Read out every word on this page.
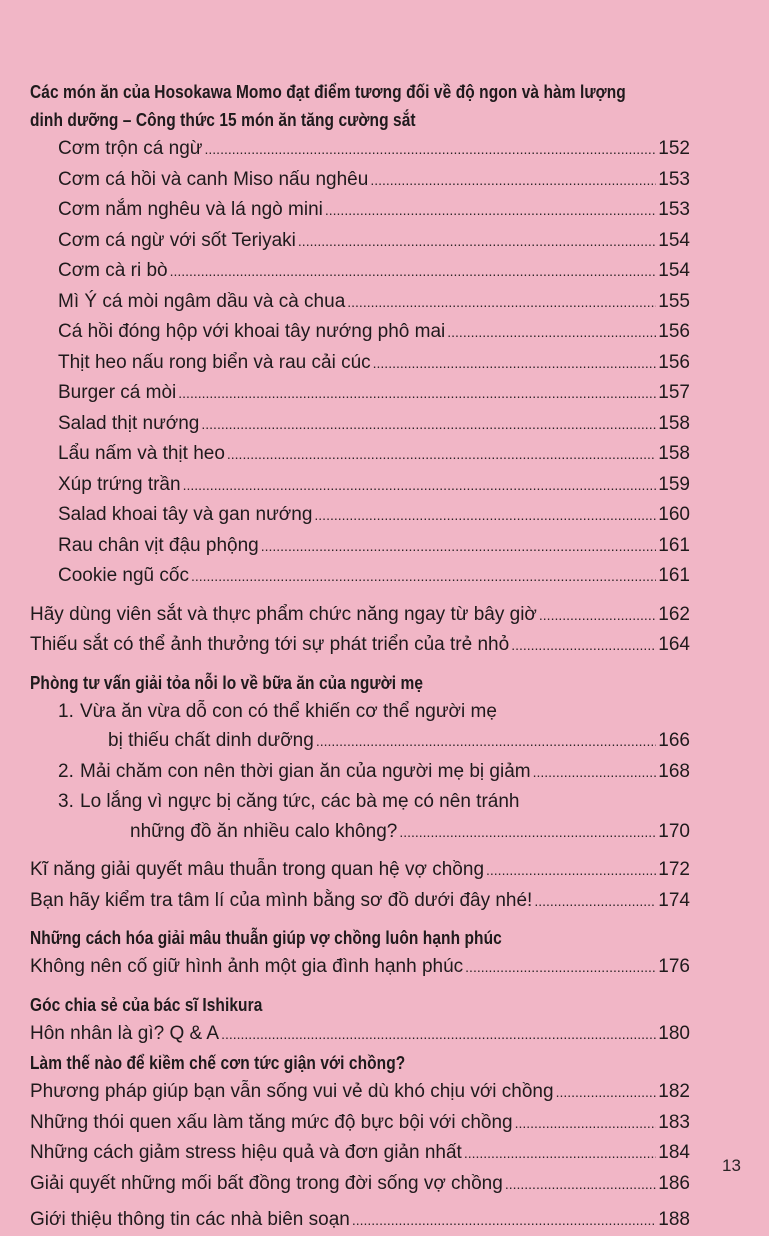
Các món ăn của Hosokawa Momo đạt điểm tương đối về độ ngon và hàm lượng
dinh dưỡng – Công thức 15 món ăn tăng cường sắt
Cơm trộn cá ngừ .....	152
Cơm cá hồi và canh Miso nấu nghêu .....	153
Cơm nắm nghêu và lá ngò mini .....	153
Cơm cá ngừ với sốt Teriyaki .....	154
Cơm cà ri bò .....	154
Mì Ý cá mòi ngâm dầu và cà chua .....	155
Cá hồi đóng hộp với khoai tây nướng phô mai .....	156
Thịt heo nấu rong biển và rau cải cúc .....	156
Burger cá mòi .....	157
Salad thịt nướng .....	158
Lẩu nấm và thịt heo .....	158
Xúp trứng trần .....	159
Salad khoai tây và gan nướng .....	160
Rau chân vịt đậu phộng .....	161
Cookie ngũ cốc .....	161
Hãy dùng viên sắt và thực phẩm chức năng ngay từ bây giờ .....	162
Thiếu sắt có thể ảnh thưởng tới sự phát triển của trẻ nhỏ .....	164
Phòng tư vấn giải tỏa nỗi lo về bữa ăn của người mẹ
1. Vừa ăn vừa dỗ con có thể khiến cơ thể người mẹ
bị thiếu chất dinh dưỡng .....	166
2. Mải chăm con nên thời gian ăn của người mẹ bị giảm .....	168
3. Lo lắng vì ngực bị căng tức, các bà mẹ có nên tránh
những đồ ăn nhiều calo không? .....	170
Kĩ năng giải quyết mâu thuẫn trong quan hệ vợ chồng .....	172
Bạn hãy kiểm tra tâm lí của mình bằng sơ đồ dưới đây nhé! .....	174
Những cách hóa giải mâu thuẫn giúp vợ chồng luôn hạnh phúc
Không nên cố giữ hình ảnh một gia đình hạnh phúc .....	176
Góc chia sẻ của bác sĩ Ishikura
Hôn nhân là gì? Q & A .....	180
Làm thế nào để kiềm chế cơn tức giận với chồng?
Phương pháp giúp bạn vẫn sống vui vẻ dù khó chịu với chồng .....	182
Những thói quen xấu làm tăng mức độ bực bội với chồng .....	183
Những cách giảm stress hiệu quả và đơn giản nhất .....	184
Giải quyết những mối bất đồng trong đời sống vợ chồng .....	186
Giới thiệu thông tin các nhà biên soạn .....	188
13
